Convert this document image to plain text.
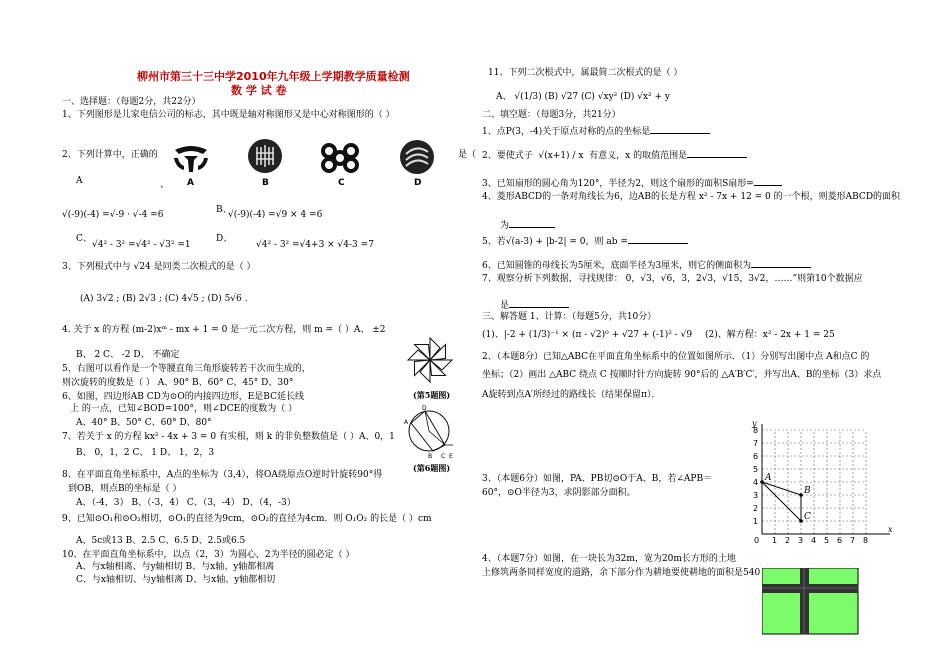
柳州市第三十三中学2010年九年级上学期教学质量检测
数 学 试 卷
一、选择题：（每题2分，共22分）
1、下列图形是儿家电信公司的标志，其中既是轴对称图形又是中心对称图形的（ ）
A	B	C	D
2、下列计算中，正确的	是（
A	、
√(-9)(-4) =√-9 · √-4 =6	B、
√(-9)(-4) =√9 × 4 =6
C、
√4² - 3² =√4² - √3² =1
D、
√4² - 3² =√4+3 × √4-3 =7
3、下列根式中与 √24 是同类二次根式的是（ ）
(A) 3√2 ; (B) 2√3 ; (C) 4√5 ; (D) 5√6 .
4. 关于 x 的方程 (m-2)xᵐ - mx + 1 = 0 是一元二次方程，则 m =（ ）A、 ±2
B、 2 C、 -2 D、 不确定
5、右图可以看作是一个等腰直角三角形旋转若干次而生成的，
则次旋转的度数是（ ） A、90° B、60° C、45° D、30°
6、如图，四边形AB CD为⊙O的内接四边形，E是BC延长线
上 的一点，已知∠BOD=100°，则∠DCE的度数为（ ）
A、40° B、50° C、60° D、80°
7、若关于 x 的方程 kx² - 4x + 3 = 0 有实根，则 k 的非负整数值是（ ）A、0，1
B、 0，1，2 C、 1 D、 1，2，3
8、在平面直角坐标系中，A点的坐标为（3,4），将OA绕原点O逆时针旋转90°得
到OB，则点B的坐标是（ ）
A、（-4，3） B、（-3，4） C、（3，-4） D、（4，-3）
9、已知⊙O₁和⊙O₂相切，⊙O₁的直径为9cm，⊙O₂的直径为4cm．则 O₁O₂ 的长是（ ）cm
A、5c或13 B、2.5 C、6.5 D、2.5或6.5
10、在平面直角坐标系中，以点（2，3）为圆心，2为半径的圆必定（ ）
A、与x轴相离、与y轴相切 B、与x轴、y轴都相离
C、与x轴相切、与y轴相离 D、与x轴、y轴都相切
(第5题图)
A
D
B C E
(第6题图)
11、下列二次根式中，属最简二次根式的是（ ）
A、 √(1/3) (B) √27 (C) √xy² (D) √x² + y
二、填空题：（每题3分，共21分）
1、点P(3，-4)关于原点对称的点的坐标是
2、要使式子 √(x+1) / x 有意义，x 的取值范围是
3、已知扇形的圆心角为120°，半径为2，则这个扇形的面积S扇形=
4、菱形ABCD的一条对角线长为6，边AB的长是方程 x² - 7x + 12 = 0 的一个根，则菱形ABCD的面积
为
5、若√(a-3) + |b-2| = 0，则 ab =
6、已知圆锥的母线长为5厘米，底面半径为3厘米，则它的侧面积为
7、观察分析下列数据，寻找规律： 0，√3，√6，3，2√3，√15，3√2，……”则第10个数据应
是
三、解答题 1、计算：（每题5分，共10分）
(1)、|-2 + (1/3)⁻¹ × (π - √2)⁰ + √27 + (-1)² - √9 (2)、解方程：x² - 2x + 1 = 25
2、（本题8分）已知△ABC在平面直角坐标系中的位置如图所示．（1）分别写出图中点 A和点C 的
坐标；（2）画出 △ABC 绕点 C 按顺时针方向旋转 90°后的 △A′B′C′，并写出A、B的坐标（3）求点
A旋转到点A′所经过的路线长（结果保留π）．
3、（本题6分）如图，PA、PB切⊙O于A、B，若∠APB＝
60°，⊙O半径为3，求阴影部分面积。
4、（本题7分）如图，在一块长为32m，宽为20m长方形的土地
上修筑两条同样宽度的道路，余下部分作为耕地要使耕地的面积是540
1 2 3 4 5 6 7 8
8
7
6
5
4
3
2
1
A
B
C
x
y
0
